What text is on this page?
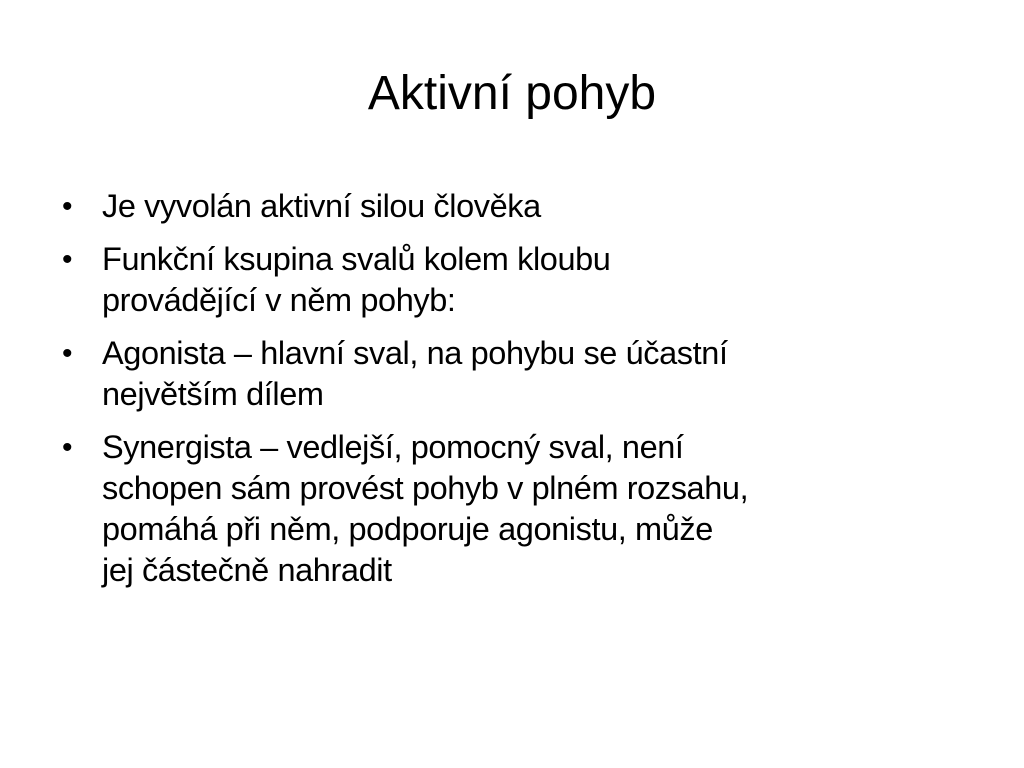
Aktivní pohyb
• Je vyvolán aktivní silou člověka
• Funkční ksupina svalů kolem kloubu
provádějící v něm pohyb:
• Agonista – hlavní sval, na pohybu se účastní
největším dílem
• Synergista – vedlejší, pomocný sval, není
schopen sám provést pohyb v plném rozsahu,
pomáhá při něm, podporuje agonistu, může
jej částečně nahradit
